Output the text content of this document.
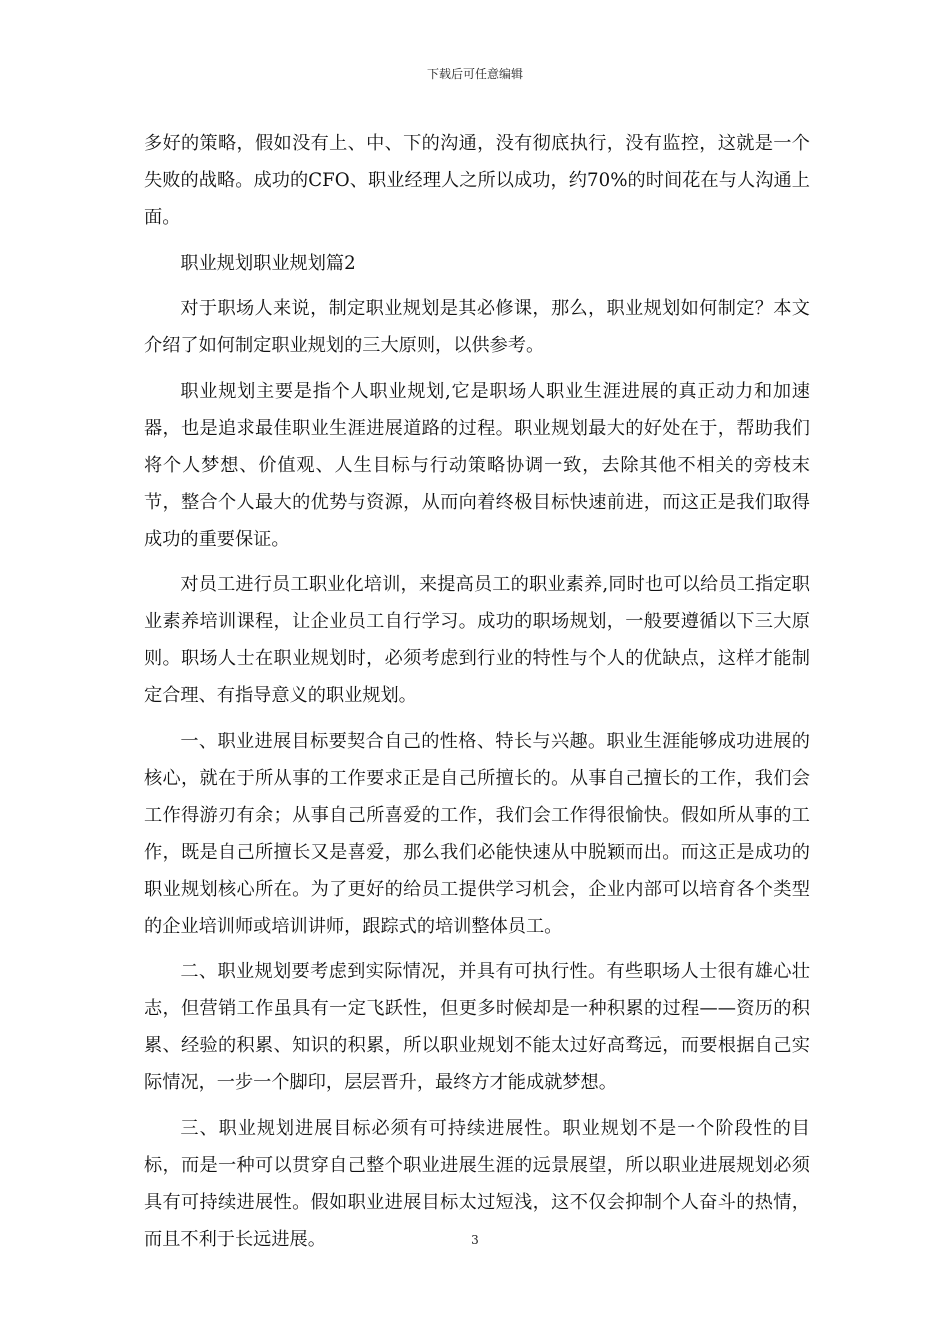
下载后可任意编辑

多好的策略，假如没有上、中、下的沟通，没有彻底执行，没有监控，这就是一个失败的战略。成功的CFO、职业经理人之所以成功，约70%的时间花在与人沟通上面。

职业规划职业规划篇2

对于职场人来说，制定职业规划是其必修课，那么，职业规划如何制定？本文介绍了如何制定职业规划的三大原则，以供参考。

职业规划主要是指个人职业规划,它是职场人职业生涯进展的真正动力和加速器，也是追求最佳职业生涯进展道路的过程。职业规划最大的好处在于，帮助我们将个人梦想、价值观、人生目标与行动策略协调一致，去除其他不相关的旁枝末节，整合个人最大的优势与资源，从而向着终极目标快速前进，而这正是我们取得成功的重要保证。

对员工进行员工职业化培训，来提高员工的职业素养,同时也可以给员工指定职业素养培训课程，让企业员工自行学习。成功的职场规划，一般要遵循以下三大原则。职场人士在职业规划时，必须考虑到行业的特性与个人的优缺点，这样才能制定合理、有指导意义的职业规划。

一、职业进展目标要契合自己的性格、特长与兴趣。职业生涯能够成功进展的核心，就在于所从事的工作要求正是自己所擅长的。从事自己擅长的工作，我们会工作得游刃有余；从事自己所喜爱的工作，我们会工作得很愉快。假如所从事的工作，既是自己所擅长又是喜爱，那么我们必能快速从中脱颖而出。而这正是成功的职业规划核心所在。为了更好的给员工提供学习机会，企业内部可以培育各个类型的企业培训师或培训讲师，跟踪式的培训整体员工。

二、职业规划要考虑到实际情况，并具有可执行性。有些职场人士很有雄心壮志，但营销工作虽具有一定飞跃性，但更多时候却是一种积累的过程——资历的积累、经验的积累、知识的积累，所以职业规划不能太过好高骛远，而要根据自己实际情况，一步一个脚印，层层晋升，最终方才能成就梦想。

三、职业规划进展目标必须有可持续进展性。职业规划不是一个阶段性的目标，而是一种可以贯穿自己整个职业进展生涯的远景展望，所以职业进展规划必须具有可持续进展性。假如职业进展目标太过短浅，这不仅会抑制个人奋斗的热情，而且不利于长远进展。	3
